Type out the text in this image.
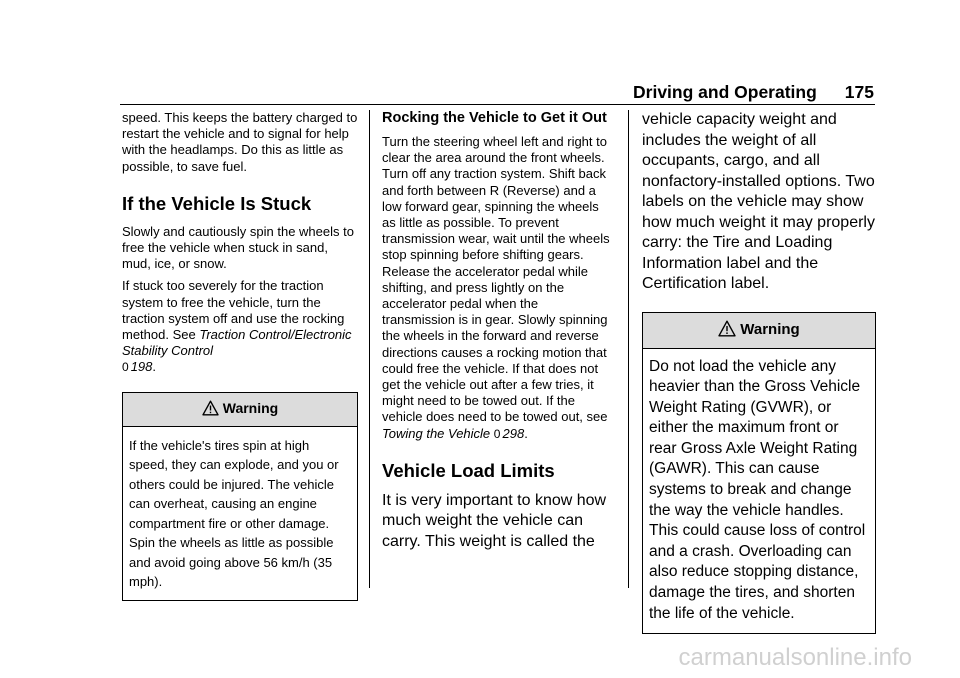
Driving and Operating 175

speed. This keeps the battery charged to restart the vehicle and to signal for help with the headlamps. Do this as little as possible, to save fuel.

If the Vehicle Is Stuck

Slowly and cautiously spin the wheels to free the vehicle when stuck in sand, mud, ice, or snow.

If stuck too severely for the traction system to free the vehicle, turn the traction system off and use the rocking method. See Traction Control/Electronic Stability Control
0 198.

Warning
If the vehicle's tires spin at high speed, they can explode, and you or others could be injured. The vehicle can overheat, causing an engine compartment fire or other damage. Spin the wheels as little as possible and avoid going above 56 km/h (35 mph).
Rocking the Vehicle to Get it Out

Turn the steering wheel left and right to clear the area around the front wheels. Turn off any traction system. Shift back and forth between R (Reverse) and a low forward gear, spinning the wheels as little as possible. To prevent transmission wear, wait until the wheels stop spinning before shifting gears. Release the accelerator pedal while shifting, and press lightly on the accelerator pedal when the transmission is in gear. Slowly spinning the wheels in the forward and reverse directions causes a rocking motion that could free the vehicle. If that does not get the vehicle out after a few tries, it might need to be towed out. If the vehicle does need to be towed out, see Towing the Vehicle 0 298.

Vehicle Load Limits

It is very important to know how much weight the vehicle can carry. This weight is called the

vehicle capacity weight and includes the weight of all occupants, cargo, and all nonfactory-installed options. Two labels on the vehicle may show how much weight it may properly carry: the Tire and Loading Information label and the Certification label.

Warning
Do not load the vehicle any heavier than the Gross Vehicle Weight Rating (GVWR), or either the maximum front or rear Gross Axle Weight Rating (GAWR). This can cause systems to break and change the way the vehicle handles. This could cause loss of control and a crash. Overloading can also reduce stopping distance, damage the tires, and shorten the life of the vehicle.
carmanualsonline.info
